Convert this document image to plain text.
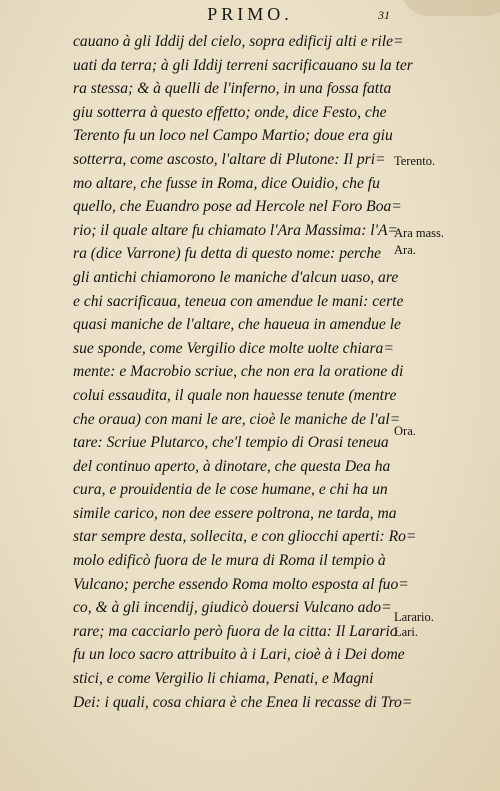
PRIMO.	31
cauano à gli Iddij del cielo, sopra edificij alti e rile=
uati da terra; à gli Iddij terreni sacrificauano su la ter
ra stessa; & à quelli de l'inferno, in una fossa fatta
giu sotterra à questo effetto; onde, dice Festo, che
Terento fu un loco nel Campo Martio; doue era giu
sotterra, come ascosto, l'altare di Plutone: Il pri=
mo altare, che fusse in Roma, dice Ouidio, che fu
quello, che Euandro pose ad Hercole nel Foro Boa=
rio; il quale altare fu chiamato l'Ara Massima: l'A=
ra (dice Varrone) fu detta di questo nome: perche
gli antichi chiamorono le maniche d'alcun uaso, are
e chi sacrificaua, teneua con amendue le mani: certe
quasi maniche de l'altare, che haueua in amendue le
sue sponde, come Vergilio dice molte uolte chiara=
mente: e Macrobio scriue, che non era la oratione di
colui essaudita, il quale non hauesse tenute (mentre
che oraua) con mani le are, cioè le maniche de l'al=
tare: Scriue Plutarco, che'l tempio di Orasi teneua
del continuo aperto, à dinotare, che questa Dea ha
cura, e prouidentia de le cose humane, e chi ha un
simile carico, non dee essere poltrona, ne tarda, ma
star sempre desta, sollecita, e con gliocchi aperti: Ro=
molo edificò fuora de le mura di Roma il tempio à
Vulcano; perche essendo Roma molto esposta al fuo=
co, & à gli incendij, giudicò douersi Vulcano ado=
rare; ma cacciarlo però fuora de la citta: Il Larario
fu un loco sacro attribuito à i Lari, cioè à i Dei dome
stici, e come Vergilio li chiama, Penati, e Magni
Dei: i quali, cosa chiara è che Enea li recasse di Tro=
Terento.
Ara mass.
Ara.
Ora.
Larario.
Lari.
